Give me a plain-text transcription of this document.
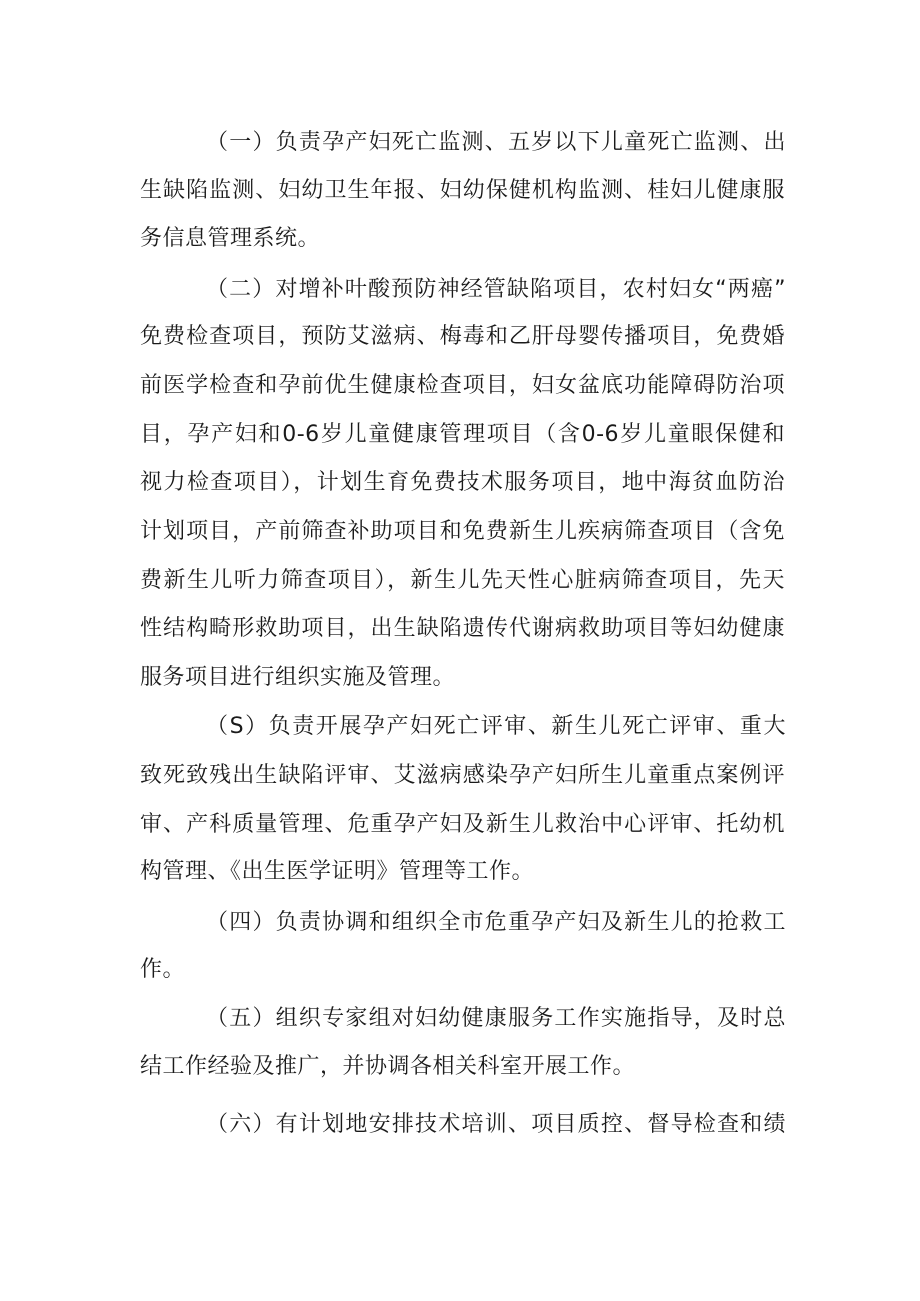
（一）负责孕产妇死亡监测、五岁以下儿童死亡监测、出
生缺陷监测、妇幼卫生年报、妇幼保健机构监测、桂妇儿健康服
务信息管理系统。
（二）对增补叶酸预防神经管缺陷项目，农村妇女“两癌”
免费检查项目，预防艾滋病、梅毒和乙肝母婴传播项目，免费婚
前医学检查和孕前优生健康检查项目，妇女盆底功能障碍防治项
目，孕产妇和0-6岁儿童健康管理项目（含0-6岁儿童眼保健和
视力检查项目），计划生育免费技术服务项目，地中海贫血防治
计划项目，产前筛查补助项目和免费新生儿疾病筛查项目（含免
费新生儿听力筛查项目），新生儿先天性心脏病筛查项目，先天
性结构畸形救助项目，出生缺陷遗传代谢病救助项目等妇幼健康
服务项目进行组织实施及管理。
（S）负责开展孕产妇死亡评审、新生儿死亡评审、重大
致死致残出生缺陷评审、艾滋病感染孕产妇所生儿童重点案例评
审、产科质量管理、危重孕产妇及新生儿救治中心评审、托幼机
构管理、《出生医学证明》管理等工作。
（四）负责协调和组织全市危重孕产妇及新生儿的抢救工
作。
（五）组织专家组对妇幼健康服务工作实施指导，及时总
结工作经验及推广，并协调各相关科室开展工作。
（六）有计划地安排技术培训、项目质控、督导检查和绩
